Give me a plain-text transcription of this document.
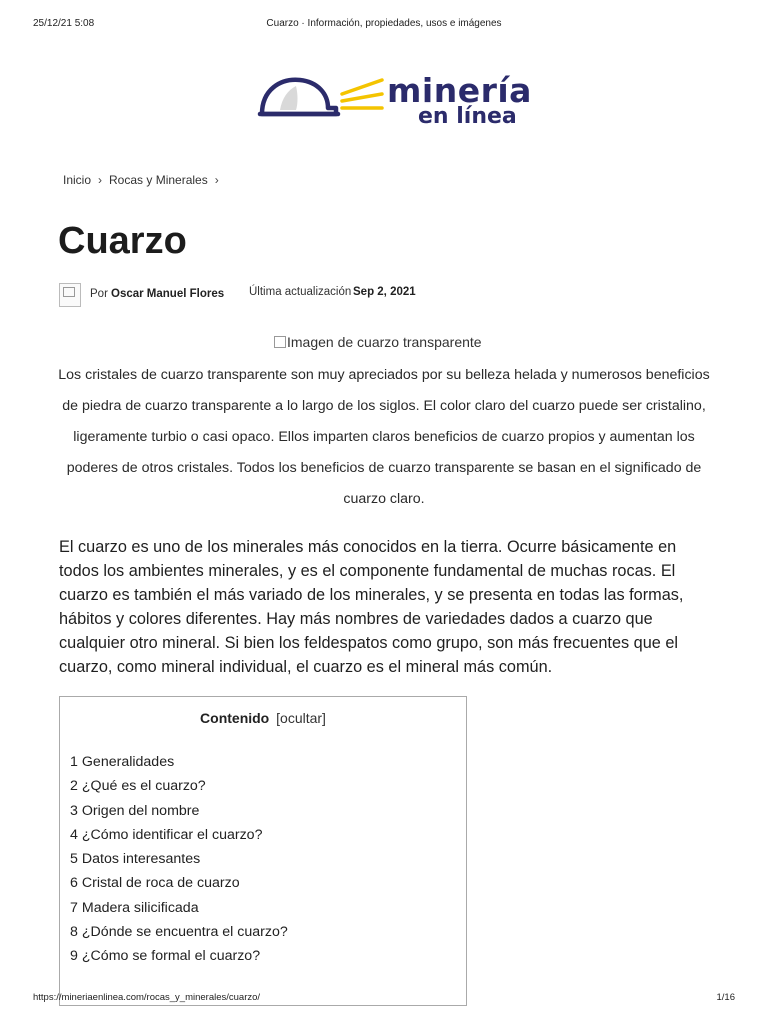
25/12/21 5:08	Cuarzo · Información, propiedades, usos e imágenes
minería
en línea
Inicio › Rocas y Minerales ›
Cuarzo
Por Oscar Manuel Flores Última actualización Sep 2, 2021
Imagen de cuarzo transparente

Los cristales de cuarzo transparente son muy apreciados por su belleza helada y numerosos beneficios de piedra de cuarzo transparente a lo largo de los siglos. El color claro del cuarzo puede ser cristalino, ligeramente turbio o casi opaco. Ellos imparten claros beneficios de cuarzo propios y aumentan los poderes de otros cristales. Todos los beneficios de cuarzo transparente se basan en el significado de cuarzo claro.

El cuarzo es uno de los minerales más conocidos en la tierra. Ocurre básicamente en todos los ambientes minerales, y es el componente fundamental de muchas rocas. El cuarzo es también el más variado de los minerales, y se presenta en todas las formas, hábitos y colores diferentes. Hay más nombres de variedades dados a cuarzo que cualquier otro mineral. Si bien los feldespatos como grupo, son más frecuentes que el cuarzo, como mineral individual, el cuarzo es el mineral más común.

Contenido [ocultar]
1 Generalidades
2 ¿Qué es el cuarzo?
3 Origen del nombre
4 ¿Cómo identificar el cuarzo?
5 Datos interesantes
6 Cristal de roca de cuarzo
7 Madera silicificada
8 ¿Dónde se encuentra el cuarzo?
9 ¿Cómo se formal el cuarzo?
https://mineriaenlinea.com/rocas_y_minerales/cuarzo/	1/16
